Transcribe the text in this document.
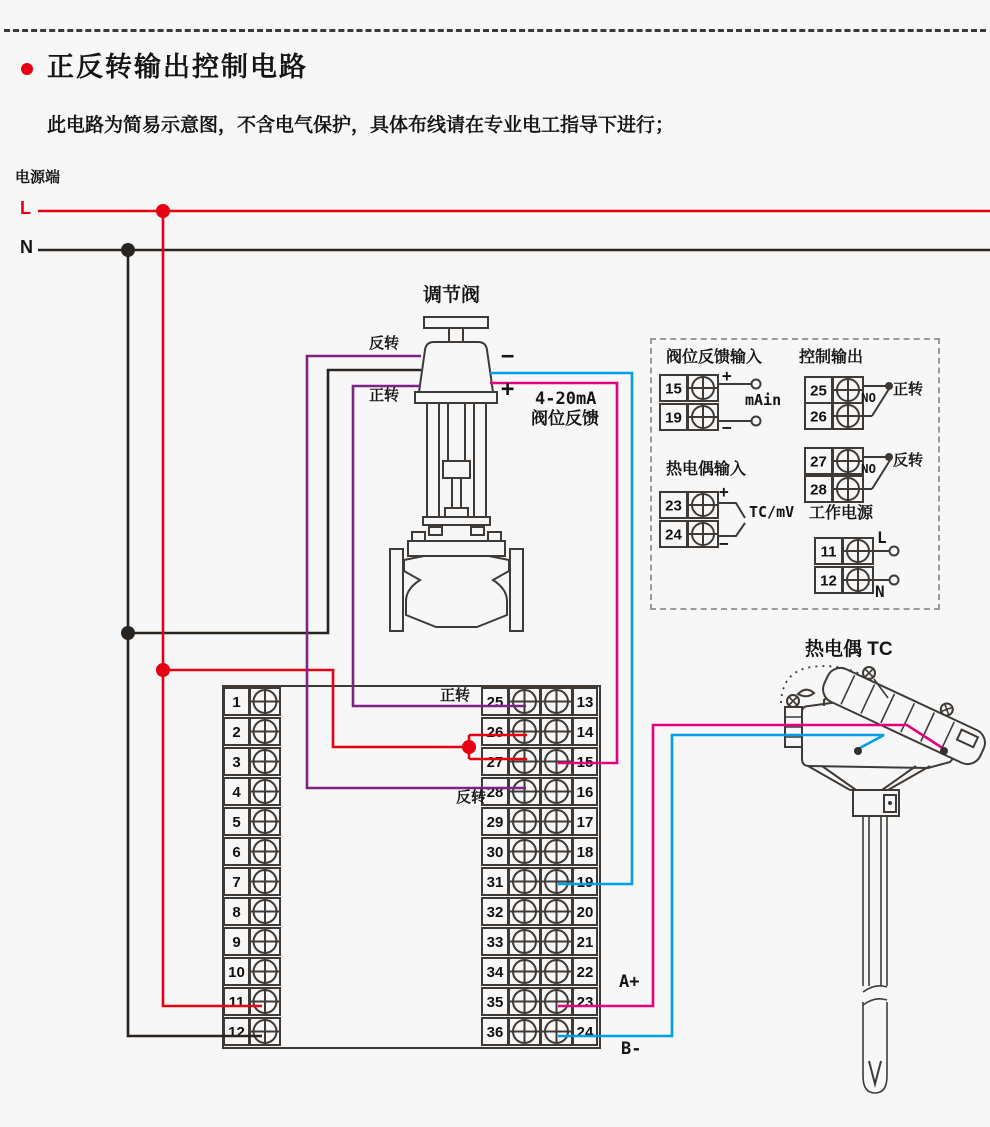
正反转输出控制电路
此电路为简易示意图，不含电气保护，具体布线请在专业电工指导下进行；
电源端
L
N
1	25	13
2	26	14
3	27	15
4	28	16
5	29	17
6	30	18
7	31	19
8	32	20
9	33	21
10	34	22
11	35	23
12	36	24
15
19
25
26
27
28
23
24
11
12
调节阀
反转
正转
−
+ 4-20mA
阀位反馈
阀位反馈输入
+
−
mAin
控制输出
NO 正转
NO 反转
热电偶输入
+
−
TC/mV 工作电源
L
N
正转
反转
热电偶 TC
A+
B-
